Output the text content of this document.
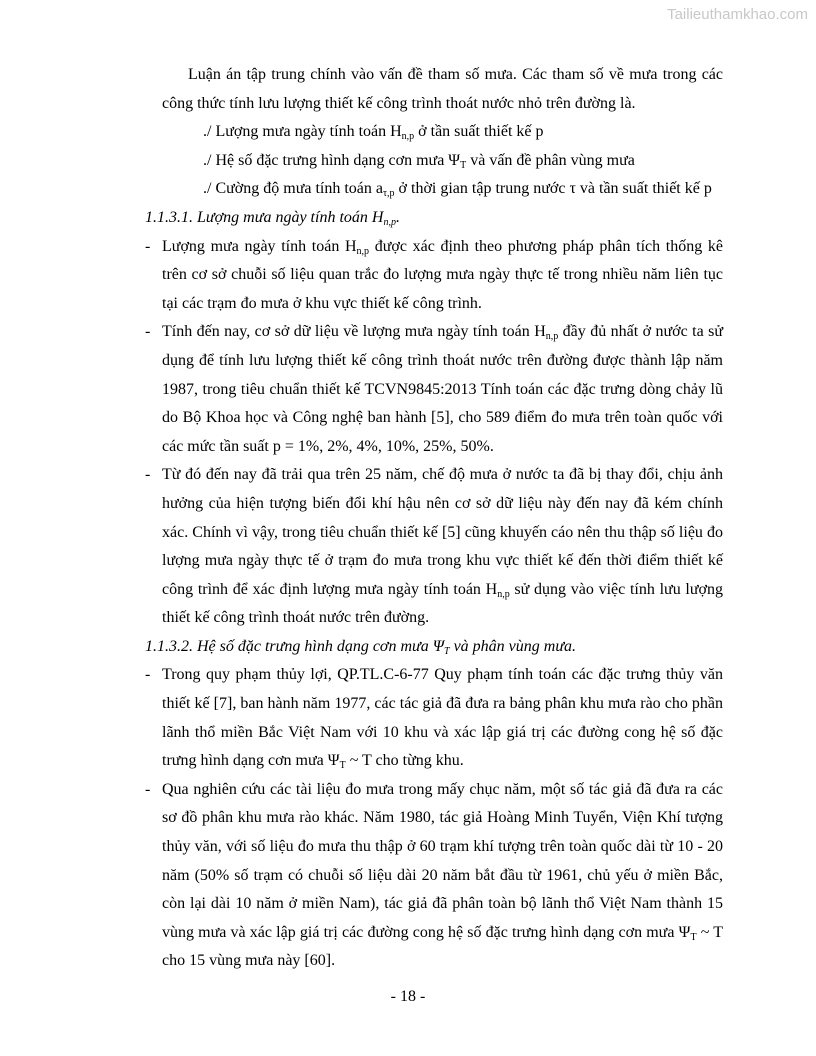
Tailieuthamkhao.com
Luận án tập trung chính vào vấn đề tham số mưa. Các tham số về mưa trong các công thức tính lưu lượng thiết kế công trình thoát nước nhỏ trên đường là.
./ Lượng mưa ngày tính toán $H_{n,p}$ ở tần suất thiết kế p
./ Hệ số đặc trưng hình dạng cơn mưa $\Psi_T$ và vấn đề phân vùng mưa
./ Cường độ mưa tính toán $a_{\tau,p}$ ở thời gian tập trung nước τ và tần suất thiết kế p
1.1.3.1. Lượng mưa ngày tính toán $H_{n,p}$.
- Lượng mưa ngày tính toán $H_{n,p}$ được xác định theo phương pháp phân tích thống kê trên cơ sở chuỗi số liệu quan trắc đo lượng mưa ngày thực tế trong nhiều năm liên tục tại các trạm đo mưa ở khu vực thiết kế công trình.
- Tính đến nay, cơ sở dữ liệu về lượng mưa ngày tính toán $H_{n,p}$ đầy đủ nhất ở nước ta sử dụng để tính lưu lượng thiết kế công trình thoát nước trên đường được thành lập năm 1987, trong tiêu chuẩn thiết kế TCVN9845:2013 Tính toán các đặc trưng dòng chảy lũ do Bộ Khoa học và Công nghệ ban hành [5], cho 589 điểm đo mưa trên toàn quốc với các mức tần suất p = 1%, 2%, 4%, 10%, 25%, 50%.
- Từ đó đến nay đã trải qua trên 25 năm, chế độ mưa ở nước ta đã bị thay đổi, chịu ảnh hưởng của hiện tượng biến đổi khí hậu nên cơ sở dữ liệu này đến nay đã kém chính xác. Chính vì vậy, trong tiêu chuẩn thiết kế [5] cũng khuyến cáo nên thu thập số liệu đo lượng mưa ngày thực tế ở trạm đo mưa trong khu vực thiết kế đến thời điểm thiết kế công trình để xác định lượng mưa ngày tính toán $H_{n,p}$ sử dụng vào việc tính lưu lượng thiết kế công trình thoát nước trên đường.
1.1.3.2. Hệ số đặc trưng hình dạng cơn mưa $\Psi_T$ và phân vùng mưa.
- Trong quy phạm thủy lợi, QP.TL.C-6-77 Quy phạm tính toán các đặc trưng thủy văn thiết kế [7], ban hành năm 1977, các tác giả đã đưa ra bảng phân khu mưa rào cho phần lãnh thổ miền Bắc Việt Nam với 10 khu và xác lập giá trị các đường cong hệ số đặc trưng hình dạng cơn mưa $\Psi_T$ ~ T cho từng khu.
- Qua nghiên cứu các tài liệu đo mưa trong mấy chục năm, một số tác giả đã đưa ra các sơ đồ phân khu mưa rào khác. Năm 1980, tác giả Hoàng Minh Tuyển, Viện Khí tượng thủy văn, với số liệu đo mưa thu thập ở 60 trạm khí tượng trên toàn quốc dài từ 10 - 20 năm (50% số trạm có chuỗi số liệu dài 20 năm bắt đầu từ 1961, chủ yếu ở miền Bắc, còn lại dài 10 năm ở miền Nam), tác giả đã phân toàn bộ lãnh thổ Việt Nam thành 15 vùng mưa và xác lập giá trị các đường cong hệ số đặc trưng hình dạng cơn mưa $\Psi_T$ ~ T cho 15 vùng mưa này [60].
- 18 -
